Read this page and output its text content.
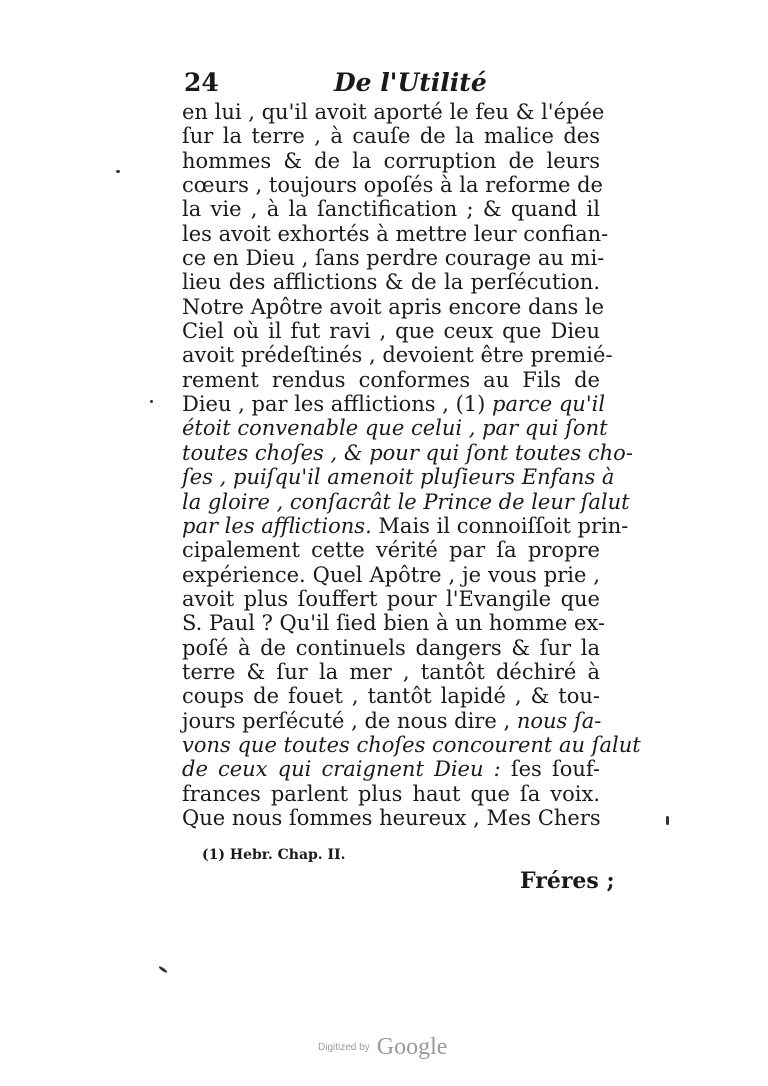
24	De l'Utilité
en lui , qu'il avoit aporté le feu & l'épée
ſur la terre , à cauſe de la malice des
hommes & de la corruption de leurs
cœurs , toujours opoſés à la reforme de
la vie , à la ſanctification ; & quand il
les avoit exhortés à mettre leur confian-
ce en Dieu , ſans perdre courage au mi-
lieu des afflictions & de la perſécution.
Notre Apôtre avoit apris encore dans le
Ciel où il fut ravi , que ceux que Dieu
avoit prédeſtinés , devoient être premié-
rement rendus conformes au Fils de
Dieu , par les afflictions , (1) parce qu'il
étoit convenable que celui , par qui ſont
toutes choſes , & pour qui ſont toutes cho-
ſes , puiſqu'il amenoit pluſieurs Enfans à
la gloire , conſacrât le Prince de leur ſalut
par les afflictions. Mais il connoiſſoit prin-
cipalement cette vérité par ſa propre
expérience. Quel Apôtre , je vous prie ,
avoit plus ſouffert pour l'Evangile que
S. Paul ? Qu'il ſied bien à un homme ex-
poſé à de continuels dangers & ſur la
terre & ſur la mer , tantôt déchiré à
coups de fouet , tantôt lapidé , & tou-
jours perſécuté , de nous dire , nous ſa-
vons que toutes choſes concourent au ſalut
de ceux qui craignent Dieu : ſes ſouf-
frances parlent plus haut que ſa voix.
Que nous ſommes heureux , Mes Chers
(1) Hebr. Chap. II.
Fréres ;
Digitized by Google
